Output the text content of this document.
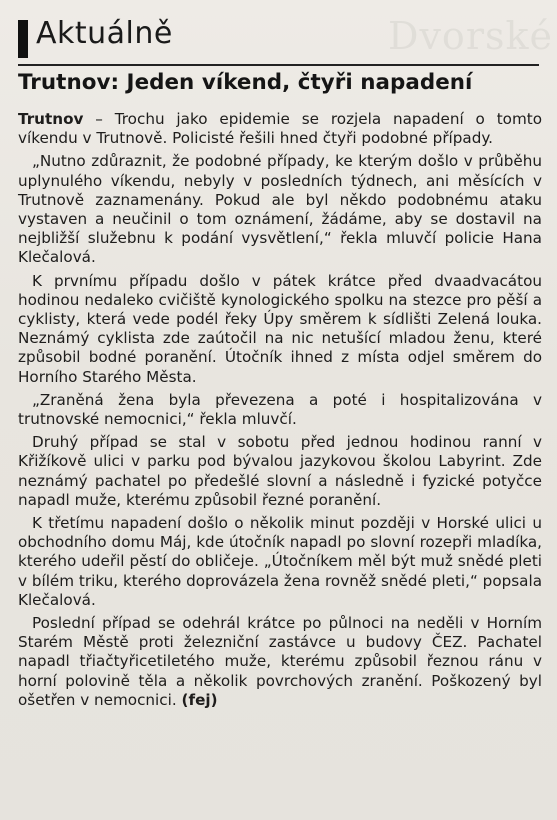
Dvorské
Aktuálně
Trutnov: Jeden víkend, čtyři napadení

Trutnov – Trochu jako epidemie se rozjela napadení o tomto víkendu v Trutnově. Policisté řešili hned čtyři podobné případy.

„Nutno zdůraznit, že podobné případy, ke kterým došlo v průběhu uplynulého víkendu, nebyly v posledních týdnech, ani měsících v Trutnově zaznamenány. Pokud ale byl někdo podobnému ataku vystaven a neučinil o tom oznámení, žádáme, aby se dostavil na nejbližší služebnu k podání vysvětlení,“ řekla mluvčí policie Hana Klečalová.

K prvnímu případu došlo v pátek krátce před dvaadvacátou hodinou nedaleko cvičiště kynologického spolku na stezce pro pěší a cyklisty, která vede podél řeky Úpy směrem k sídlišti Zelená louka. Neznámý cyklista zde zaútočil na nic netušící mladou ženu, které způsobil bodné poranění. Útočník ihned z místa odjel směrem do Horního Starého Města.

„Zraněná žena byla převezena a poté i hospitalizována v trutnovské nemocnici,“ řekla mluvčí.

Druhý případ se stal v sobotu před jednou hodinou ranní v Křižíkově ulici v parku pod bývalou jazykovou školou Labyrint. Zde neznámý pachatel po předešlé slovní a následně i fyzické potyčce napadl muže, kterému způsobil řezné poranění.

K třetímu napadení došlo o několik minut později v Horské ulici u obchodního domu Máj, kde útočník napadl po slovní rozepři mladíka, kterého udeřil pěstí do obličeje. „Útočníkem měl být muž snědé pleti v bílém triku, kterého doprovázela žena rovněž snědé pleti,“ popsala Klečalová.

Poslední případ se odehrál krátce po půlnoci na neděli v Horním Starém Městě proti železniční zastávce u budovy ČEZ. Pachatel napadl třiačtyřicetiletého muže, kterému způsobil řeznou ránu v horní polovině těla a několik povrchových zranění. Poškozený byl ošetřen v nemocnici. (fej)
